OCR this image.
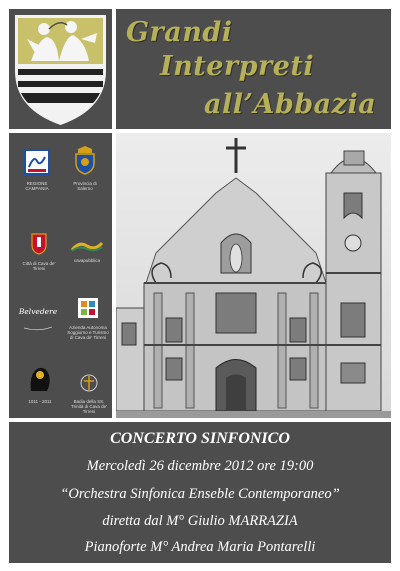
Grandi
Interpreti
all’Abbazia
REGIONE CAMPANIA
Provincia di Salerno
Città di Cava de' Tirreni
cavapubblica
Belvedere
Azienda Autonoma Soggiorno e Turismo di Cava de' Tirreni
1011 - 2011	Badia della SS. Trinità di Cava de' Tirreni
CONCERTO SINFONICO
Mercoledì 26 dicembre 2012 ore 19:00
“Orchestra Sinfonica Enseble Contemporaneo”
diretta dal M° Giulio MARRAZIA
Pianoforte M° Andrea Maria Pontarelli
